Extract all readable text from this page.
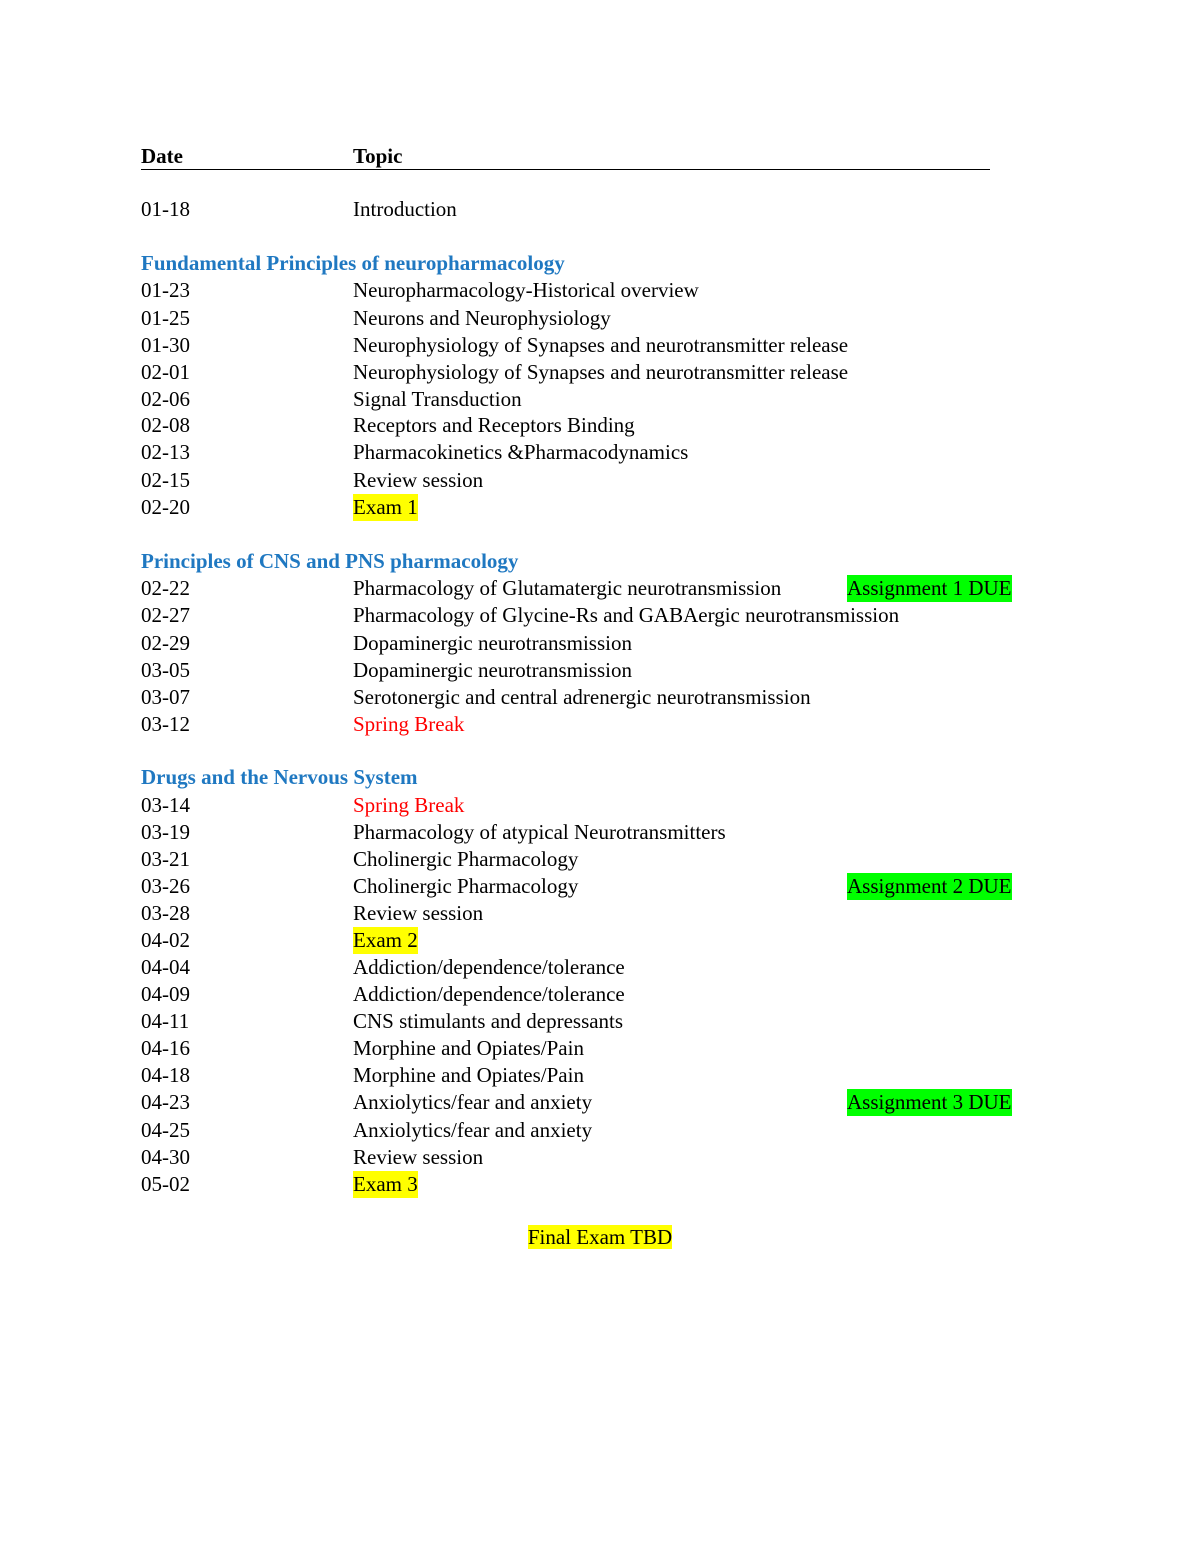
Date	Topic
01-18	Introduction
Fundamental Principles of neuropharmacology
01-23	Neuropharmacology-Historical overview
01-25	Neurons and Neurophysiology
01-30	Neurophysiology of Synapses and neurotransmitter release
02-01	Neurophysiology of Synapses and neurotransmitter release
02-06	Signal Transduction
02-08	Receptors and Receptors Binding
02-13	Pharmacokinetics &Pharmacodynamics
02-15	Review session
02-20	Exam 1
Principles of CNS and PNS pharmacology
02-22	Pharmacology of Glutamatergic neurotransmission	Assignment 1 DUE
02-27	Pharmacology of Glycine-Rs and GABAergic neurotransmission
02-29	Dopaminergic neurotransmission
03-05	Dopaminergic neurotransmission
03-07	Serotonergic and central adrenergic neurotransmission
03-12	Spring Break
Drugs and the Nervous System
03-14	Spring Break
03-19	Pharmacology of atypical Neurotransmitters
03-21	Cholinergic Pharmacology
03-26	Cholinergic Pharmacology	Assignment 2 DUE
03-28	Review session
04-02	Exam 2
04-04	Addiction/dependence/tolerance
04-09	Addiction/dependence/tolerance
04-11	CNS stimulants and depressants
04-16	Morphine and Opiates/Pain
04-18	Morphine and Opiates/Pain
04-23	Anxiolytics/fear and anxiety	Assignment 3 DUE
04-25	Anxiolytics/fear and anxiety
04-30	Review session
05-02	Exam 3
Final Exam TBD
